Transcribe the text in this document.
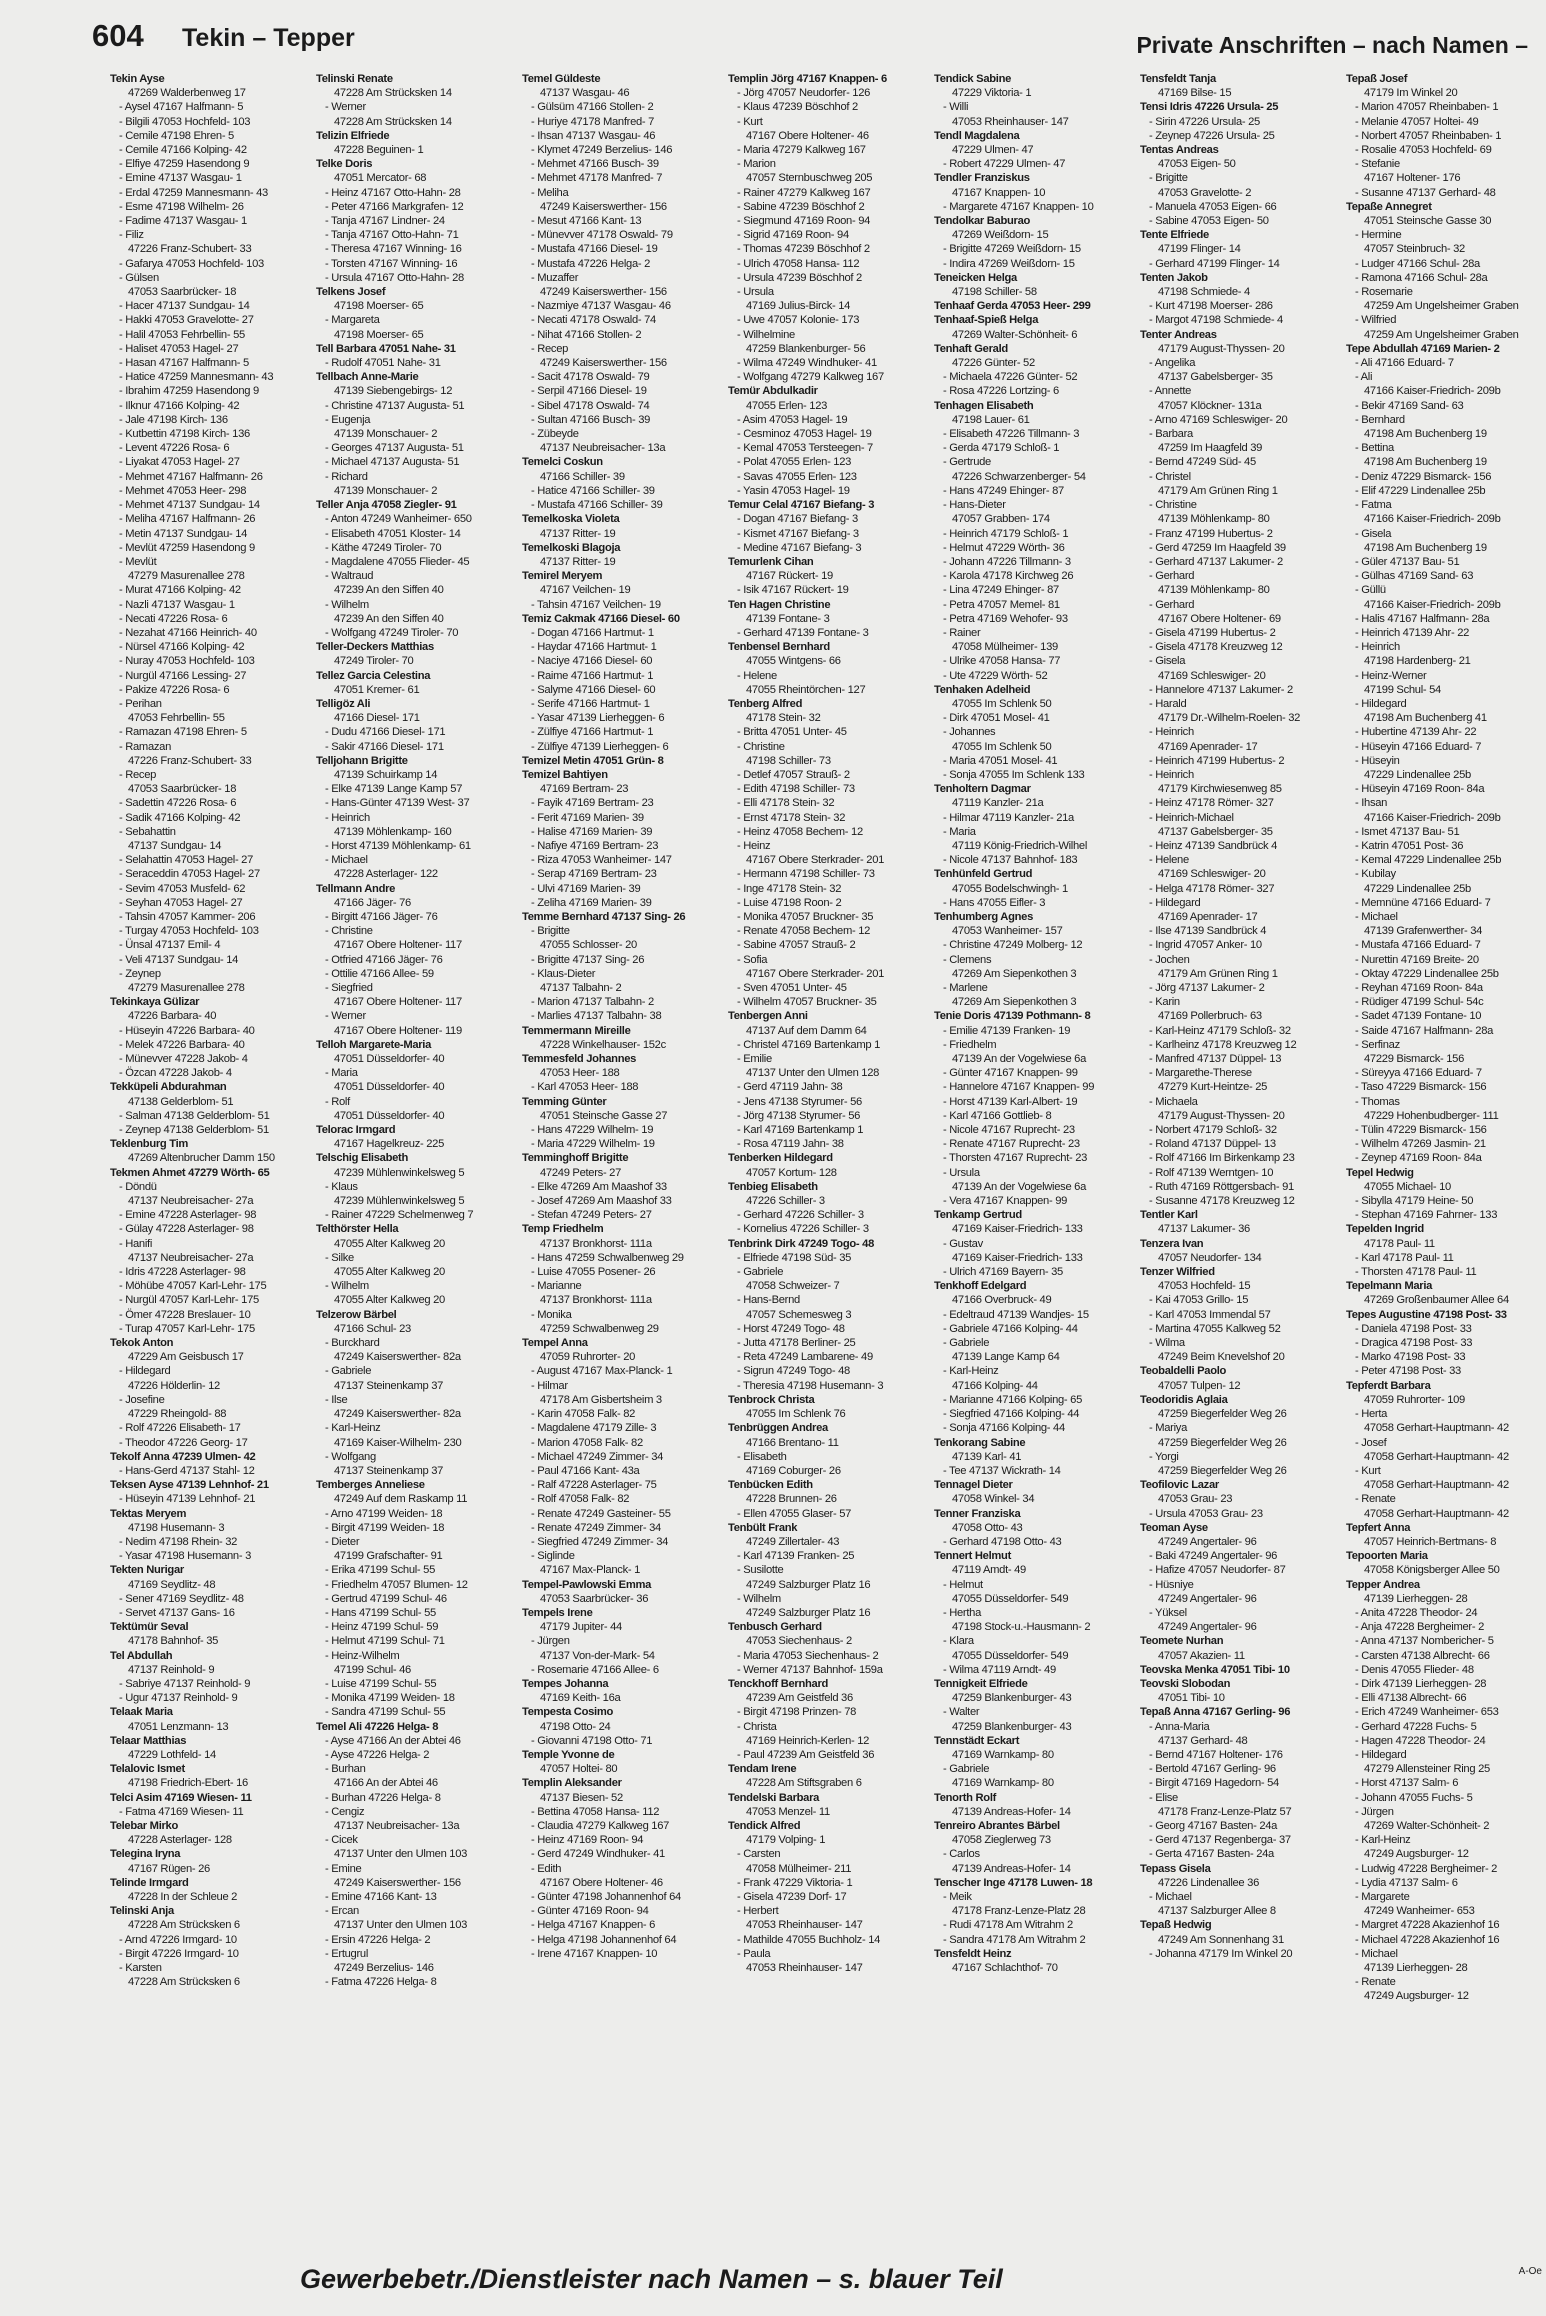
604 Tekin – Tepper	Private Anschriften – nach Namen –
Tekin Ayse
47269 Walderbenweg 17
- Aysel 47167 Halfmann- 5
- Bilgili 47053 Hochfeld- 103
- Cemile 47198 Ehren- 5
- Cemile 47166 Kolping- 42
- Elfiye 47259 Hasendong 9
- Emine 47137 Wasgau- 1
- Erdal 47259 Mannesmann- 43
- Esme 47198 Wilhelm- 26
- Fadime 47137 Wasgau- 1
- Filiz
47226 Franz-Schubert- 33
- Gafarya 47053 Hochfeld- 103
- Gülsen
47053 Saarbrücker- 18
- Hacer 47137 Sundgau- 14
- Hakki 47053 Gravelotte- 27
- Halil 47053 Fehrbellin- 55
- Haliset 47053 Hagel- 27
- Hasan 47167 Halfmann- 5
- Hatice 47259 Mannesmann- 43
- Ibrahim 47259 Hasendong 9
- Ilknur 47166 Kolping- 42
- Jale 47198 Kirch- 136
- Kutbettin 47198 Kirch- 136
- Levent 47226 Rosa- 6
- Liyakat 47053 Hagel- 27
- Mehmet 47167 Halfmann- 26
- Mehmet 47053 Heer- 298
- Mehmet 47137 Sundgau- 14
- Meliha 47167 Halfmann- 26
- Metin 47137 Sundgau- 14
- Mevlüt 47259 Hasendong 9
- Mevlüt
47279 Masurenallee 278
- Murat 47166 Kolping- 42
- Nazli 47137 Wasgau- 1
- Necati 47226 Rosa- 6
- Nezahat 47166 Heinrich- 40
- Nürsel 47166 Kolping- 42
- Nuray 47053 Hochfeld- 103
- Nurgül 47166 Lessing- 27
- Pakize 47226 Rosa- 6
- Perihan
47053 Fehrbellin- 55
- Ramazan 47198 Ehren- 5
- Ramazan
47226 Franz-Schubert- 33
- Recep
47053 Saarbrücker- 18
- Sadettin 47226 Rosa- 6
- Sadik 47166 Kolping- 42
- Sebahattin
47137 Sundgau- 14
- Selahattin 47053 Hagel- 27
- Seraceddin 47053 Hagel- 27
- Sevim 47053 Musfeld- 62
- Seyhan 47053 Hagel- 27
- Tahsin 47057 Kammer- 206
- Turgay 47053 Hochfeld- 103
- Ünsal 47137 Emil- 4
- Veli 47137 Sundgau- 14
- Zeynep
47279 Masurenallee 278
Tekinkaya Gülizar
47226 Barbara- 40
- Hüseyin 47226 Barbara- 40
- Melek 47226 Barbara- 40
- Münevver 47228 Jakob- 4
- Özcan 47228 Jakob- 4
Tekküpeli Abdurahman
47138 Gelderblom- 51
- Salman 47138 Gelderblom- 51
- Zeynep 47138 Gelderblom- 51
Teklenburg Tim
47269 Altenbrucher Damm 150
Tekmen Ahmet 47279 Wörth- 65
- Döndü
47137 Neubreisacher- 27a
- Emine 47228 Asterlager- 98
- Gülay 47228 Asterlager- 98
- Hanifi
47137 Neubreisacher- 27a
- Idris 47228 Asterlager- 98
- Möhübe 47057 Karl-Lehr- 175
- Nurgül 47057 Karl-Lehr- 175
- Ömer 47228 Breslauer- 10
- Turap 47057 Karl-Lehr- 175
Tekok Anton
47229 Am Geisbusch 17
- Hildegard
47226 Hölderlin- 12
- Josefine
47229 Rheingold- 88
- Rolf 47226 Elisabeth- 17
- Theodor 47226 Georg- 17
Tekolf Anna 47239 Ulmen- 42
- Hans-Gerd 47137 Stahl- 12
Teksen Ayse 47139 Lehnhof- 21
- Hüseyin 47139 Lehnhof- 21
Tektas Meryem
47198 Husemann- 3
- Nedim 47198 Rhein- 32
- Yasar 47198 Husemann- 3
Tekten Nurigar
47169 Seydlitz- 48
- Sener 47169 Seydlitz- 48
- Servet 47137 Gans- 16
Tektümür Seval
47178 Bahnhof- 35
Tel Abdullah
47137 Reinhold- 9
- Sabriye 47137 Reinhold- 9
- Ugur 47137 Reinhold- 9
Telaak Maria
47051 Lenzmann- 13
Telaar Matthias
47229 Lothfeld- 14
Telalovic Ismet
47198 Friedrich-Ebert- 16
Telci Asim 47169 Wiesen- 11
- Fatma 47169 Wiesen- 11
Telebar Mirko
47228 Asterlager- 128
Telegina Iryna
47167 Rügen- 26
Telinde Irmgard
47228 In der Schleue 2
Telinski Anja
47228 Am Strücksken 6
- Arnd 47226 Irmgard- 10
- Birgit 47226 Irmgard- 10
- Karsten
47228 Am Strücksken 6
Telinski Renate
47228 Am Strücksken 14
- Werner
47228 Am Strücksken 14
Telizin Elfriede
47228 Beguinen- 1
Telke Doris
47051 Mercator- 68
- Heinz 47167 Otto-Hahn- 28
- Peter 47166 Markgrafen- 12
- Tanja 47167 Lindner- 24
- Tanja 47167 Otto-Hahn- 71
- Theresa 47167 Winning- 16
- Torsten 47167 Winning- 16
- Ursula 47167 Otto-Hahn- 28
Telkens Josef
47198 Moerser- 65
- Margareta
47198 Moerser- 65
Tell Barbara 47051 Nahe- 31
- Rudolf 47051 Nahe- 31
Tellbach Anne-Marie
47139 Siebengebirgs- 12
- Christine 47137 Augusta- 51
- Eugenja
47139 Monschauer- 2
- Georges 47137 Augusta- 51
- Michael 47137 Augusta- 51
- Richard
47139 Monschauer- 2
Teller Anja 47058 Ziegler- 91
- Anton 47249 Wanheimer- 650
- Elisabeth 47051 Kloster- 14
- Käthe 47249 Tiroler- 70
- Magdalene 47055 Flieder- 45
- Waltraud
47239 An den Siffen 40
- Wilhelm
47239 An den Siffen 40
- Wolfgang 47249 Tiroler- 70
Teller-Deckers Matthias
47249 Tiroler- 70
Tellez Garcia Celestina
47051 Kremer- 61
Telligöz Ali
47166 Diesel- 171
- Dudu 47166 Diesel- 171
- Sakir 47166 Diesel- 171
Telljohann Brigitte
47139 Schuirkamp 14
- Elke 47139 Lange Kamp 57
- Hans-Günter 47139 West- 37
- Heinrich
47139 Möhlenkamp- 160
- Horst 47139 Möhlenkamp- 61
- Michael
47228 Asterlager- 122
Tellmann Andre
47166 Jäger- 76
- Birgitt 47166 Jäger- 76
- Christine
47167 Obere Holtener- 117
- Otfried 47166 Jäger- 76
- Ottilie 47166 Allee- 59
- Siegfried
47167 Obere Holtener- 117
- Werner
47167 Obere Holtener- 119
Telloh Margarete-Maria
47051 Düsseldorfer- 40
- Maria
47051 Düsseldorfer- 40
- Rolf
47051 Düsseldorfer- 40
Telorac Irmgard
47167 Hagelkreuz- 225
Telschig Elisabeth
47239 Mühlenwinkelsweg 5
- Klaus
47239 Mühlenwinkelsweg 5
- Rainer 47229 Schelmenweg 7
Telthörster Hella
47055 Alter Kalkweg 20
- Silke
47055 Alter Kalkweg 20
- Wilhelm
47055 Alter Kalkweg 20
Telzerow Bärbel
47166 Schul- 23
- Burckhard
47249 Kaiserswerther- 82a
- Gabriele
47137 Steinenkamp 37
- Ilse
47249 Kaiserswerther- 82a
- Karl-Heinz
47169 Kaiser-Wilhelm- 230
- Wolfgang
47137 Steinenkamp 37
Temberges Anneliese
47249 Auf dem Raskamp 11
- Arno 47199 Weiden- 18
- Birgit 47199 Weiden- 18
- Dieter
47199 Grafschafter- 91
- Erika 47199 Schul- 55
- Friedhelm 47057 Blumen- 12
- Gertrud 47199 Schul- 46
- Hans 47199 Schul- 55
- Heinz 47199 Schul- 59
- Helmut 47199 Schul- 71
- Heinz-Wilhelm
47199 Schul- 46
- Luise 47199 Schul- 55
- Monika 47199 Weiden- 18
- Sandra 47199 Schul- 55
Temel Ali 47226 Helga- 8
- Ayse 47166 An der Abtei 46
- Ayse 47226 Helga- 2
- Burhan
47166 An der Abtei 46
- Burhan 47226 Helga- 8
- Cengiz
47137 Neubreisacher- 13a
- Cicek
47137 Unter den Ulmen 103
- Emine
47249 Kaiserswerther- 156
- Emine 47166 Kant- 13
- Ercan
47137 Unter den Ulmen 103
- Ersin 47226 Helga- 2
- Ertugrul
47249 Berzelius- 146
- Fatma 47226 Helga- 8
Temel Güldeste
47137 Wasgau- 46
- Gülsüm 47166 Stollen- 2
- Huriye 47178 Manfred- 7
- Ihsan 47137 Wasgau- 46
- Klymet 47249 Berzelius- 146
- Mehmet 47166 Busch- 39
- Mehmet 47178 Manfred- 7
- Meliha
47249 Kaiserswerther- 156
- Mesut 47166 Kant- 13
- Münevver 47178 Oswald- 79
- Mustafa 47166 Diesel- 19
- Mustafa 47226 Helga- 2
- Muzaffer
47249 Kaiserswerther- 156
- Nazmiye 47137 Wasgau- 46
- Necati 47178 Oswald- 74
- Nihat 47166 Stollen- 2
- Recep
47249 Kaiserswerther- 156
- Sacit 47178 Oswald- 79
- Serpil 47166 Diesel- 19
- Sibel 47178 Oswald- 74
- Sultan 47166 Busch- 39
- Zübeyde
47137 Neubreisacher- 13a
Temelci Coskun
47166 Schiller- 39
- Hatice 47166 Schiller- 39
- Mustafa 47166 Schiller- 39
Temelkoska Violeta
47137 Ritter- 19
Temelkoski Blagoja
47137 Ritter- 19
Temirel Meryem
47167 Veilchen- 19
- Tahsin 47167 Veilchen- 19
Temiz Cakmak 47166 Diesel- 60
- Dogan 47166 Hartmut- 1
- Haydar 47166 Hartmut- 1
- Naciye 47166 Diesel- 60
- Raime 47166 Hartmut- 1
- Salyme 47166 Diesel- 60
- Serife 47166 Hartmut- 1
- Yasar 47139 Lierheggen- 6
- Zülfiye 47166 Hartmut- 1
- Zülfiye 47139 Lierheggen- 6
Temizel Metin 47051 Grün- 8
Temizel Bahtiyen
47169 Bertram- 23
- Fayik 47169 Bertram- 23
- Ferit 47169 Marien- 39
- Halise 47169 Marien- 39
- Nafiye 47169 Bertram- 23
- Riza 47053 Wanheimer- 147
- Serap 47169 Bertram- 23
- Ulvi 47169 Marien- 39
- Zeliha 47169 Marien- 39
Temme Bernhard 47137 Sing- 26
- Brigitte
47055 Schlosser- 20
- Brigitte 47137 Sing- 26
- Klaus-Dieter
47137 Talbahn- 2
- Marion 47137 Talbahn- 2
- Marlies 47137 Talbahn- 38
Temmermann Mireille
47228 Winkelhauser- 152c
Temmesfeld Johannes
47053 Heer- 188
- Karl 47053 Heer- 188
Temming Günter
47051 Steinsche Gasse 27
- Hans 47229 Wilhelm- 19
- Maria 47229 Wilhelm- 19
Temminghoff Brigitte
47249 Peters- 27
- Elke 47269 Am Maashof 33
- Josef 47269 Am Maashof 33
- Stefan 47249 Peters- 27
Temp Friedhelm
47137 Bronkhorst- 111a
- Hans 47259 Schwalbenweg 29
- Luise 47055 Posener- 26
- Marianne
47137 Bronkhorst- 111a
- Monika
47259 Schwalbenweg 29
Tempel Anna
47059 Ruhrorter- 20
- August 47167 Max-Planck- 1
- Hilmar
47178 Am Gisbertsheim 3
- Karin 47058 Falk- 82
- Magdalene 47179 Zille- 3
- Marion 47058 Falk- 82
- Michael 47249 Zimmer- 34
- Paul 47166 Kant- 43a
- Ralf 47228 Asterlager- 75
- Rolf 47058 Falk- 82
- Renate 47249 Gasteiner- 55
- Renate 47249 Zimmer- 34
- Siegfried 47249 Zimmer- 34
- Siglinde
47167 Max-Planck- 1
Tempel-Pawlowski Emma
47053 Saarbrücker- 36
Tempels Irene
47179 Jupiter- 44
- Jürgen
47137 Von-der-Mark- 54
- Rosemarie 47166 Allee- 6
Tempes Johanna
47169 Keith- 16a
Tempesta Cosimo
47198 Otto- 24
- Giovanni 47198 Otto- 71
Temple Yvonne de
47057 Holtei- 80
Templin Aleksander
47137 Biesen- 52
- Bettina 47058 Hansa- 112
- Claudia 47279 Kalkweg 167
- Heinz 47169 Roon- 94
- Gerd 47249 Windhuker- 41
- Edith
47167 Obere Holtener- 46
- Günter 47198 Johannenhof 64
- Günter 47169 Roon- 94
- Helga 47167 Knappen- 6
- Helga 47198 Johannenhof 64
- Irene 47167 Knappen- 10
Templin Jörg 47167 Knappen- 6
- Jörg 47057 Neudorfer- 126
- Klaus 47239 Böschhof 2
- Kurt
47167 Obere Holtener- 46
- Maria 47279 Kalkweg 167
- Marion
47057 Sternbuschweg 205
- Rainer 47279 Kalkweg 167
- Sabine 47239 Böschhof 2
- Siegmund 47169 Roon- 94
- Sigrid 47169 Roon- 94
- Thomas 47239 Böschhof 2
- Ulrich 47058 Hansa- 112
- Ursula 47239 Böschhof 2
- Ursula
47169 Julius-Birck- 14
- Uwe 47057 Kolonie- 173
- Wilhelmine
47259 Blankenburger- 56
- Wilma 47249 Windhuker- 41
- Wolfgang 47279 Kalkweg 167
Temür Abdulkadir
47055 Erlen- 123
- Asim 47053 Hagel- 19
- Cesminoz 47053 Hagel- 19
- Kemal 47053 Tersteegen- 7
- Polat 47055 Erlen- 123
- Savas 47055 Erlen- 123
- Yasin 47053 Hagel- 19
Temur Celal 47167 Biefang- 3
- Dogan 47167 Biefang- 3
- Kismet 47167 Biefang- 3
- Medine 47167 Biefang- 3
Temurlenk Cihan
47167 Rückert- 19
- Isik 47167 Rückert- 19
Ten Hagen Christine
47139 Fontane- 3
- Gerhard 47139 Fontane- 3
Tenbensel Bernhard
47055 Wintgens- 66
- Helene
47055 Rheintörchen- 127
Tenberg Alfred
47178 Stein- 32
- Britta 47051 Unter- 45
- Christine
47198 Schiller- 73
- Detlef 47057 Strauß- 2
- Edith 47198 Schiller- 73
- Elli 47178 Stein- 32
- Ernst 47178 Stein- 32
- Heinz 47058 Bechem- 12
- Heinz
47167 Obere Sterkrader- 201
- Hermann 47198 Schiller- 73
- Inge 47178 Stein- 32
- Luise 47198 Roon- 2
- Monika 47057 Bruckner- 35
- Renate 47058 Bechem- 12
- Sabine 47057 Strauß- 2
- Sofia
47167 Obere Sterkrader- 201
- Sven 47051 Unter- 45
- Wilhelm 47057 Bruckner- 35
Tenbergen Anni
47137 Auf dem Damm 64
- Christel 47169 Bartenkamp 1
- Emilie
47137 Unter den Ulmen 128
- Gerd 47119 Jahn- 38
- Jens 47138 Styrumer- 56
- Jörg 47138 Styrumer- 56
- Karl 47169 Bartenkamp 1
- Rosa 47119 Jahn- 38
Tenberken Hildegard
47057 Kortum- 128
Tenbieg Elisabeth
47226 Schiller- 3
- Gerhard 47226 Schiller- 3
- Kornelius 47226 Schiller- 3
Tenbrink Dirk 47249 Togo- 48
- Elfriede 47198 Süd- 35
- Gabriele
47058 Schweizer- 7
- Hans-Bernd
47057 Schemesweg 3
- Horst 47249 Togo- 48
- Jutta 47178 Berliner- 25
- Reta 47249 Lambarene- 49
- Sigrun 47249 Togo- 48
- Theresia 47198 Husemann- 3
Tenbrock Christa
47055 Im Schlenk 76
Tenbrüggen Andrea
47166 Brentano- 11
- Elisabeth
47169 Coburger- 26
Tenbücken Edith
47228 Brunnen- 26
- Ellen 47055 Glaser- 57
Tenbült Frank
47249 Zillertaler- 43
- Karl 47139 Franken- 25
- Susilotte
47249 Salzburger Platz 16
- Wilhelm
47249 Salzburger Platz 16
Tenbusch Gerhard
47053 Siechenhaus- 2
- Maria 47053 Siechenhaus- 2
- Werner 47137 Bahnhof- 159a
Tenckhoff Bernhard
47239 Am Geistfeld 36
- Birgit 47198 Prinzen- 78
- Christa
47169 Heinrich-Kerlen- 12
- Paul 47239 Am Geistfeld 36
Tendam Irene
47228 Am Stiftsgraben 6
Tendelski Barbara
47053 Menzel- 11
Tendick Alfred
47179 Volping- 1
- Carsten
47058 Mülheimer- 211
- Frank 47229 Viktoria- 1
- Gisela 47239 Dorf- 17
- Herbert
47053 Rheinhauser- 147
- Mathilde 47055 Buchholz- 14
- Paula
47053 Rheinhauser- 147
Tendick Sabine
47229 Viktoria- 1
- Willi
47053 Rheinhauser- 147
Tendl Magdalena
47229 Ulmen- 47
- Robert 47229 Ulmen- 47
Tendler Franziskus
47167 Knappen- 10
- Margarete 47167 Knappen- 10
Tendolkar Baburao
47269 Weißdorn- 15
- Brigitte 47269 Weißdorn- 15
- Indira 47269 Weißdorn- 15
Teneicken Helga
47198 Schiller- 58
Tenhaaf Gerda 47053 Heer- 299
Tenhaaf-Spieß Helga
47269 Walter-Schönheit- 6
Tenhaft Gerald
47226 Günter- 52
- Michaela 47226 Günter- 52
- Rosa 47226 Lortzing- 6
Tenhagen Elisabeth
47198 Lauer- 61
- Elisabeth 47226 Tillmann- 3
- Gerda 47179 Schloß- 1
- Gertrude
47226 Schwarzenberger- 54
- Hans 47249 Ehinger- 87
- Hans-Dieter
47057 Grabben- 174
- Heinrich 47179 Schloß- 1
- Helmut 47229 Wörth- 36
- Johann 47226 Tillmann- 3
- Karola 47178 Kirchweg 26
- Lina 47249 Ehinger- 87
- Petra 47057 Memel- 81
- Petra 47169 Wehofer- 93
- Rainer
47058 Mülheimer- 139
- Ulrike 47058 Hansa- 77
- Ute 47229 Wörth- 52
Tenhaken Adelheid
47055 Im Schlenk 50
- Dirk 47051 Mosel- 41
- Johannes
47055 Im Schlenk 50
- Maria 47051 Mosel- 41
- Sonja 47055 Im Schlenk 133
Tenholtern Dagmar
47119 Kanzler- 21a
- Hilmar 47119 Kanzler- 21a
- Maria
47119 König-Friedrich-Wilhel
- Nicole 47137 Bahnhof- 183
Tenhünfeld Gertrud
47055 Bodelschwingh- 1
- Hans 47055 Eifler- 3
Tenhumberg Agnes
47053 Wanheimer- 157
- Christine 47249 Molberg- 12
- Clemens
47269 Am Siepenkothen 3
- Marlene
47269 Am Siepenkothen 3
Tenie Doris 47139 Pothmann- 8
- Emilie 47139 Franken- 19
- Friedhelm
47139 An der Vogelwiese 6a
- Günter 47167 Knappen- 99
- Hannelore 47167 Knappen- 99
- Horst 47139 Karl-Albert- 19
- Karl 47166 Gottlieb- 8
- Nicole 47167 Ruprecht- 23
- Renate 47167 Ruprecht- 23
- Thorsten 47167 Ruprecht- 23
- Ursula
47139 An der Vogelwiese 6a
- Vera 47167 Knappen- 99
Tenkamp Gertrud
47169 Kaiser-Friedrich- 133
- Gustav
47169 Kaiser-Friedrich- 133
- Ulrich 47169 Bayern- 35
Tenkhoff Edelgard
47166 Overbruck- 49
- Edeltraud 47139 Wandjes- 15
- Gabriele 47166 Kolping- 44
- Gabriele
47139 Lange Kamp 64
- Karl-Heinz
47166 Kolping- 44
- Marianne 47166 Kolping- 65
- Siegfried 47166 Kolping- 44
- Sonja 47166 Kolping- 44
Tenkorang Sabine
47139 Karl- 41
- Tee 47137 Wickrath- 14
Tennagel Dieter
47058 Winkel- 34
Tenner Franziska
47058 Otto- 43
- Gerhard 47198 Otto- 43
Tennert Helmut
47119 Amdt- 49
- Helmut
47055 Düsseldorfer- 549
- Hertha
47198 Stock-u.-Hausmann- 2
- Klara
47055 Düsseldorfer- 549
- Wilma 47119 Arndt- 49
Tennigkeit Elfriede
47259 Blankenburger- 43
- Walter
47259 Blankenburger- 43
Tennstädt Eckart
47169 Warnkamp- 80
- Gabriele
47169 Warnkamp- 80
Tenorth Rolf
47139 Andreas-Hofer- 14
Tenreiro Abrantes Bärbel
47058 Zieglerweg 73
- Carlos
47139 Andreas-Hofer- 14
Tenscher Inge 47178 Luwen- 18
- Meik
47178 Franz-Lenze-Platz 28
- Rudi 47178 Am Witrahm 2
- Sandra 47178 Am Witrahm 2
Tensfeldt Heinz
47167 Schlachthof- 70
Tensfeldt Tanja
47169 Bilse- 15
Tensi Idris 47226 Ursula- 25
- Sirin 47226 Ursula- 25
- Zeynep 47226 Ursula- 25
Tentas Andreas
47053 Eigen- 50
- Brigitte
47053 Gravelotte- 2
- Manuela 47053 Eigen- 66
- Sabine 47053 Eigen- 50
Tente Elfriede
47199 Flinger- 14
- Gerhard 47199 Flinger- 14
Tenten Jakob
47198 Schmiede- 4
- Kurt 47198 Moerser- 286
- Margot 47198 Schmiede- 4
Tenter Andreas
47179 August-Thyssen- 20
- Angelika
47137 Gabelsberger- 35
- Annette
47057 Klöckner- 131a
- Arno 47169 Schleswiger- 20
- Barbara
47259 Im Haagfeld 39
- Bernd 47249 Süd- 45
- Christel
47179 Am Grünen Ring 1
- Christine
47139 Möhlenkamp- 80
- Franz 47199 Hubertus- 2
- Gerd 47259 Im Haagfeld 39
- Gerhard 47137 Lakumer- 2
- Gerhard
47139 Möhlenkamp- 80
- Gerhard
47167 Obere Holtener- 69
- Gisela 47199 Hubertus- 2
- Gisela 47178 Kreuzweg 12
- Gisela
47169 Schleswiger- 20
- Hannelore 47137 Lakumer- 2
- Harald
47179 Dr.-Wilhelm-Roelen- 32
- Heinrich
47169 Apenrader- 17
- Heinrich 47199 Hubertus- 2
- Heinrich
47179 Kirchwiesenweg 85
- Heinz 47178 Römer- 327
- Heinrich-Michael
47137 Gabelsberger- 35
- Heinz 47139 Sandbrück 4
- Helene
47169 Schleswiger- 20
- Helga 47178 Römer- 327
- Hildegard
47169 Apenrader- 17
- Ilse 47139 Sandbrück 4
- Ingrid 47057 Anker- 10
- Jochen
47179 Am Grünen Ring 1
- Jörg 47137 Lakumer- 2
- Karin
47169 Pollerbruch- 63
- Karl-Heinz 47179 Schloß- 32
- Karlheinz 47178 Kreuzweg 12
- Manfred 47137 Düppel- 13
- Margarethe-Therese
47279 Kurt-Heintze- 25
- Michaela
47179 August-Thyssen- 20
- Norbert 47179 Schloß- 32
- Roland 47137 Düppel- 13
- Rolf 47166 Im Birkenkamp 23
- Rolf 47139 Werntgen- 10
- Ruth 47169 Röttgersbach- 91
- Susanne 47178 Kreuzweg 12
Tentler Karl
47137 Lakumer- 36
Tenzera Ivan
47057 Neudorfer- 134
Tenzer Wilfried
47053 Hochfeld- 15
- Kai 47053 Grillo- 15
- Karl 47053 Immendal 57
- Martina 47055 Kalkweg 52
- Wilma
47249 Beim Knevelshof 20
Teobaldelli Paolo
47057 Tulpen- 12
Teodoridis Aglaia
47259 Biegerfelder Weg 26
- Mariya
47259 Biegerfelder Weg 26
- Yorgi
47259 Biegerfelder Weg 26
Teofilovic Lazar
47053 Grau- 23
- Ursula 47053 Grau- 23
Teoman Ayse
47249 Angertaler- 96
- Baki 47249 Angertaler- 96
- Hafize 47057 Neudorfer- 87
- Hüsniye
47249 Angertaler- 96
- Yüksel
47249 Angertaler- 96
Teomete Nurhan
47057 Akazien- 11
Teovska Menka 47051 Tibi- 10
Teovski Slobodan
47051 Tibi- 10
Tepaß Anna 47167 Gerling- 96
- Anna-Maria
47137 Gerhard- 48
- Bernd 47167 Holtener- 176
- Bertold 47167 Gerling- 96
- Birgit 47169 Hagedorn- 54
- Elise
47178 Franz-Lenze-Platz 57
- Georg 47167 Basten- 24a
- Gerd 47137 Regenberga- 37
- Gerta 47167 Basten- 24a
Tepass Gisela
47226 Lindenallee 36
- Michael
47137 Salzburger Allee 8
Tepaß Hedwig
47249 Am Sonnenhang 31
- Johanna 47179 Im Winkel 20
Tepaß Josef
47179 Im Winkel 20
- Marion 47057 Rheinbaben- 1
- Melanie 47057 Holtei- 49
- Norbert 47057 Rheinbaben- 1
- Rosalie 47053 Hochfeld- 69
- Stefanie
47167 Holtener- 176
- Susanne 47137 Gerhard- 48
Tepaße Annegret
47051 Steinsche Gasse 30
- Hermine
47057 Steinbruch- 32
- Ludger 47166 Schul- 28a
- Ramona 47166 Schul- 28a
- Rosemarie
47259 Am Ungelsheimer Graben
- Wilfried
47259 Am Ungelsheimer Graben
Tepe Abdullah 47169 Marien- 2
- Ali 47166 Eduard- 7
- Ali
47166 Kaiser-Friedrich- 209b
- Bekir 47169 Sand- 63
- Bernhard
47198 Am Buchenberg 19
- Bettina
47198 Am Buchenberg 19
- Deniz 47229 Bismarck- 156
- Elif 47229 Lindenallee 25b
- Fatma
47166 Kaiser-Friedrich- 209b
- Gisela
47198 Am Buchenberg 19
- Güler 47137 Bau- 51
- Gülhas 47169 Sand- 63
- Güllü
47166 Kaiser-Friedrich- 209b
- Halis 47167 Halfmann- 28a
- Heinrich 47139 Ahr- 22
- Heinrich
47198 Hardenberg- 21
- Heinz-Werner
47199 Schul- 54
- Hildegard
47198 Am Buchenberg 41
- Hubertine 47139 Ahr- 22
- Hüseyin 47166 Eduard- 7
- Hüseyin
47229 Lindenallee 25b
- Hüseyin 47169 Roon- 84a
- Ihsan
47166 Kaiser-Friedrich- 209b
- Ismet 47137 Bau- 51
- Katrin 47051 Post- 36
- Kemal 47229 Lindenallee 25b
- Kubilay
47229 Lindenallee 25b
- Memnüne 47166 Eduard- 7
- Michael
47139 Grafenwerther- 34
- Mustafa 47166 Eduard- 7
- Nurettin 47169 Breite- 20
- Oktay 47229 Lindenallee 25b
- Reyhan 47169 Roon- 84a
- Rüdiger 47199 Schul- 54c
- Sadet 47139 Fontane- 10
- Saide 47167 Halfmann- 28a
- Serfinaz
47229 Bismarck- 156
- Süreyya 47166 Eduard- 7
- Taso 47229 Bismarck- 156
- Thomas
47229 Hohenbudberger- 111
- Tülin 47229 Bismarck- 156
- Wilhelm 47269 Jasmin- 21
- Zeynep 47169 Roon- 84a
Tepel Hedwig
47055 Michael- 10
- Sibylla 47179 Heine- 50
- Stephan 47169 Fahrner- 133
Tepelden Ingrid
47178 Paul- 11
- Karl 47178 Paul- 11
- Thorsten 47178 Paul- 11
Tepelmann Maria
47269 Großenbaumer Allee 64
Tepes Augustine 47198 Post- 33
- Daniela 47198 Post- 33
- Dragica 47198 Post- 33
- Marko 47198 Post- 33
- Peter 47198 Post- 33
Tepferdt Barbara
47059 Ruhrorter- 109
- Herta
47058 Gerhart-Hauptmann- 42
- Josef
47058 Gerhart-Hauptmann- 42
- Kurt
47058 Gerhart-Hauptmann- 42
- Renate
47058 Gerhart-Hauptmann- 42
Tepfert Anna
47057 Heinrich-Bertmans- 8
Tepoorten Maria
47058 Königsberger Allee 50
Tepper Andrea
47139 Lierheggen- 28
- Anita 47228 Theodor- 24
- Anja 47228 Bergheimer- 2
- Anna 47137 Nombericher- 5
- Carsten 47138 Albrecht- 66
- Denis 47055 Flieder- 48
- Dirk 47139 Lierheggen- 28
- Elli 47138 Albrecht- 66
- Erich 47249 Wanheimer- 653
- Gerhard 47228 Fuchs- 5
- Hagen 47228 Theodor- 24
- Hildegard
47279 Allensteiner Ring 25
- Horst 47137 Salm- 6
- Johann 47055 Fuchs- 5
- Jürgen
47269 Walter-Schönheit- 2
- Karl-Heinz
47249 Augsburger- 12
- Ludwig 47228 Bergheimer- 2
- Lydia 47137 Salm- 6
- Margarete
47249 Wanheimer- 653
- Margret 47228 Akazienhof 16
- Michael 47228 Akazienhof 16
- Michael
47139 Lierheggen- 28
- Renate
47249 Augsburger- 12
Gewerbebetr./Dienstleister nach Namen – s. blauer Teil	A-Oe
